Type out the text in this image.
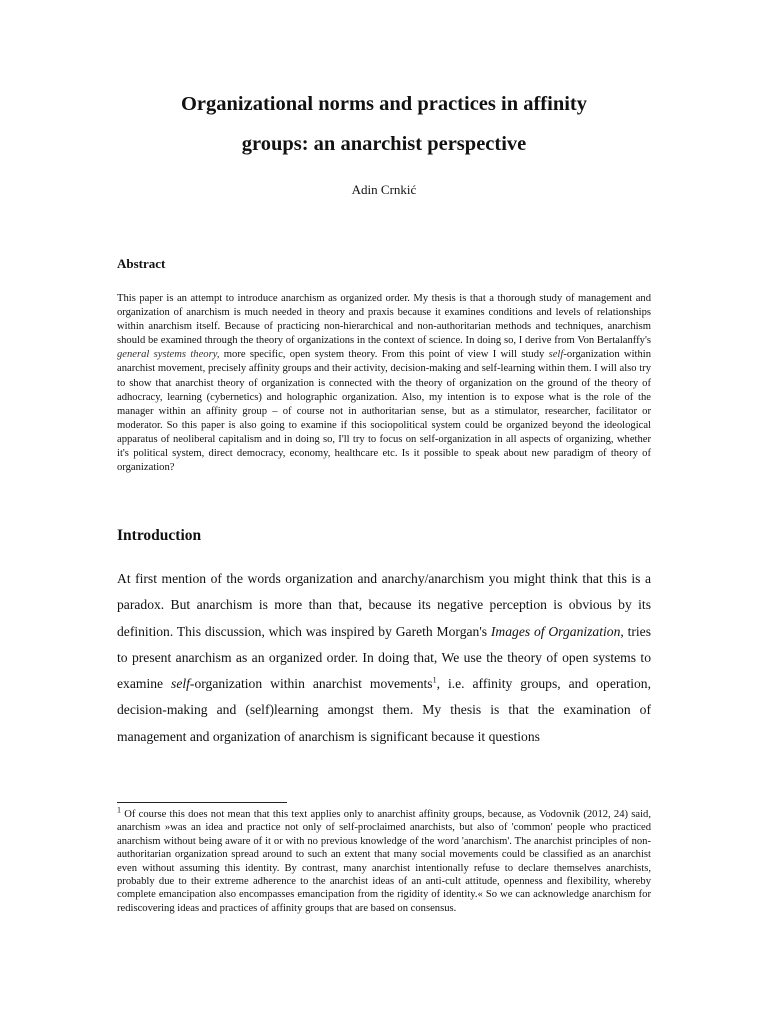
Organizational norms and practices in affinity
groups: an anarchist perspective

Adin Crnkić

Abstract

This paper is an attempt to introduce anarchism as organized order. My thesis is that a thorough study of management and organization of anarchism is much needed in theory and praxis because it examines conditions and levels of relationships within anarchism itself. Because of practicing non-hierarchical and non-authoritarian methods and techniques, anarchism should be examined through the theory of organizations in the context of science. In doing so, I derive from Von Bertalanffy's general systems theory, more specific, open system theory. From this point of view I will study self-organization within anarchist movement, precisely affinity groups and their activity, decision-making and self-learning within them. I will also try to show that anarchist theory of organization is connected with the theory of organization on the ground of the theory of adhocracy, learning (cybernetics) and holographic organization. Also, my intention is to expose what is the role of the manager within an affinity group – of course not in authoritarian sense, but as a stimulator, researcher, facilitator or moderator. So this paper is also going to examine if this sociopolitical system could be organized beyond the ideological apparatus of neoliberal capitalism and in doing so, I'll try to focus on self-organization in all aspects of organizing, whether it's political system, direct democracy, economy, healthcare etc. Is it possible to speak about new paradigm of theory of organization?

Introduction

At first mention of the words organization and anarchy/anarchism you might think that this is a paradox. But anarchism is more than that, because its negative perception is obvious by its definition. This discussion, which was inspired by Gareth Morgan's Images of Organization, tries to present anarchism as an organized order. In doing that, We use the theory of open systems to examine self-organization within anarchist movements$^1$, i.e. affinity groups, and operation, decision-making and (self)learning amongst them. My thesis is that the examination of management and organization of anarchism is significant because it questions

$^1$ Of course this does not mean that this text applies only to anarchist affinity groups, because, as Vodovnik (2012, 24) said, anarchism »was an idea and practice not only of self-proclaimed anarchists, but also of 'common' people who practiced anarchism without being aware of it or with no previous knowledge of the word 'anarchism'. The anarchist principles of non-authoritarian organization spread around to such an extent that many social movements could be classified as an anarchist even without assuming this identity. By contrast, many anarchist intentionally refuse to declare themselves anarchists, probably due to their extreme adherence to the anarchist ideas of an anti-cult attitude, openness and flexibility, whereby complete emancipation also encompasses emancipation from the rigidity of identity.« So we can acknowledge anarchism for rediscovering ideas and practices of affinity groups that are based on consensus.
